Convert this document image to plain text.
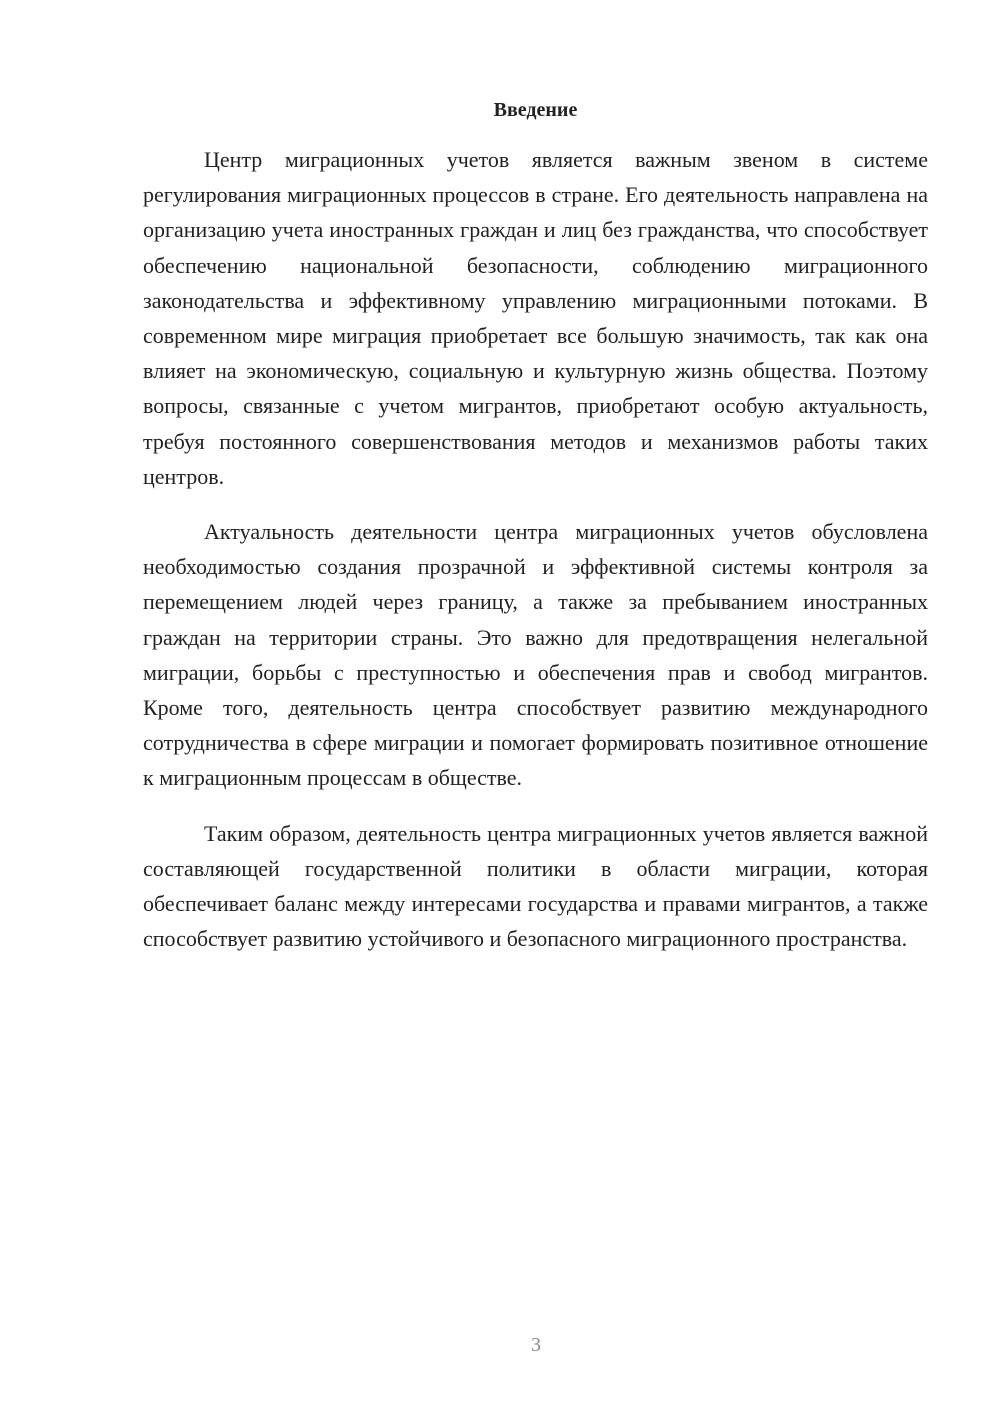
Введение

Центр миграционных учетов является важным звеном в системе регулирования миграционных процессов в стране. Его деятельность направлена на организацию учета иностранных граждан и лиц без гражданства, что способствует обеспечению национальной безопасности, соблюдению миграционного законодательства и эффективному управлению миграционными потоками. В современном мире миграция приобретает все большую значимость, так как она влияет на экономическую, социальную и культурную жизнь общества. Поэтому вопросы, связанные с учетом мигрантов, приобретают особую актуальность, требуя постоянного совершенствования методов и механизмов работы таких центров.

Актуальность деятельности центра миграционных учетов обусловлена необходимостью создания прозрачной и эффективной системы контроля за перемещением людей через границу, а также за пребыванием иностранных граждан на территории страны. Это важно для предотвращения нелегальной миграции, борьбы с преступностью и обеспечения прав и свобод мигрантов. Кроме того, деятельность центра способствует развитию международного сотрудничества в сфере миграции и помогает формировать позитивное отношение к миграционным процессам в обществе.

Таким образом, деятельность центра миграционных учетов является важной составляющей государственной политики в области миграции, которая обеспечивает баланс между интересами государства и правами мигрантов, а также способствует развитию устойчивого и безопасного миграционного пространства.

3
